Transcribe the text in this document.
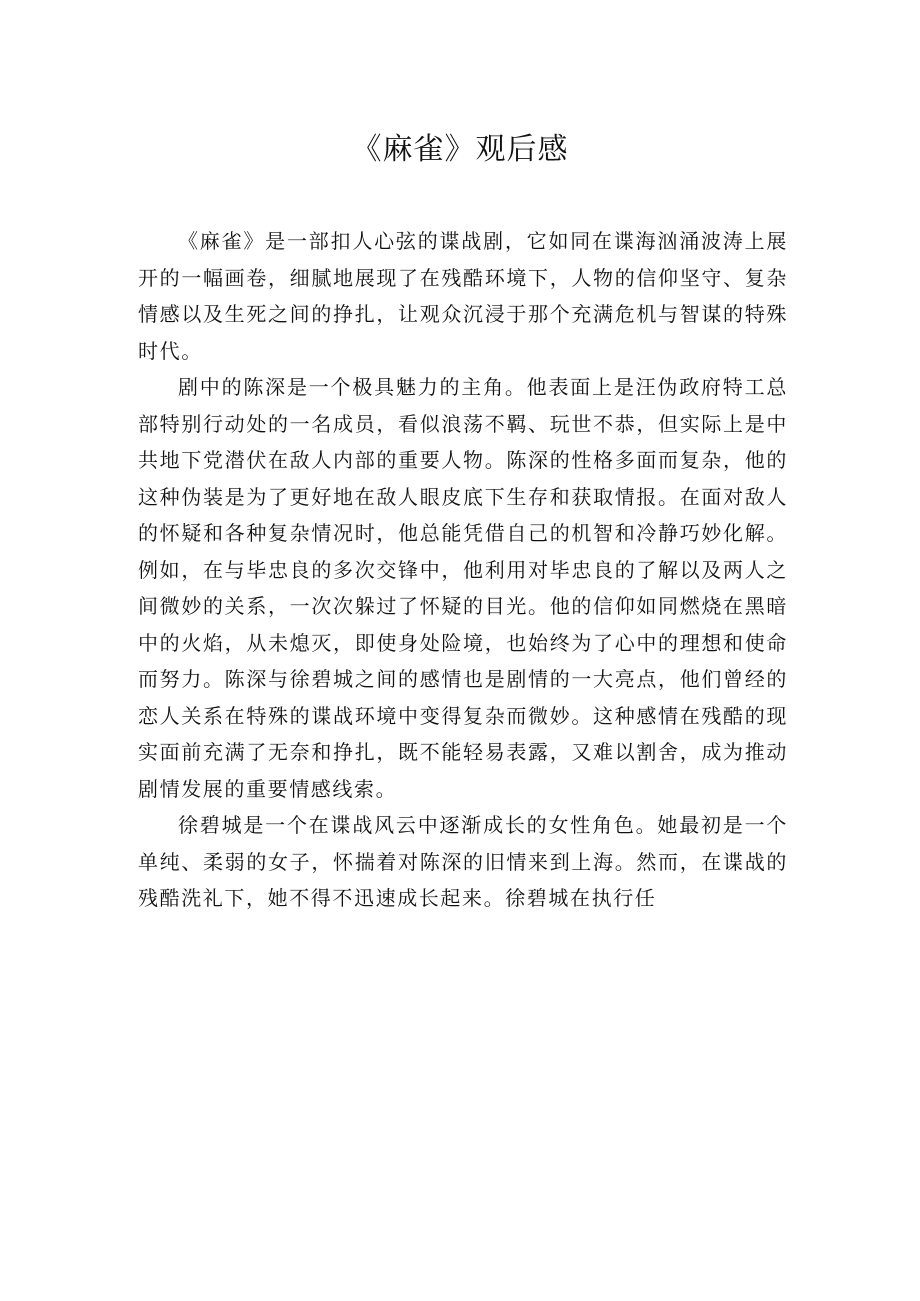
《麻雀》观后感

《麻雀》是一部扣人心弦的谍战剧，它如同在谍海汹涌波涛上展开的一幅画卷，细腻地展现了在残酷环境下，人物的信仰坚守、复杂情感以及生死之间的挣扎，让观众沉浸于那个充满危机与智谋的特殊时代。

剧中的陈深是一个极具魅力的主角。他表面上是汪伪政府特工总部特别行动处的一名成员，看似浪荡不羁、玩世不恭，但实际上是中共地下党潜伏在敌人内部的重要人物。陈深的性格多面而复杂，他的这种伪装是为了更好地在敌人眼皮底下生存和获取情报。在面对敌人的怀疑和各种复杂情况时，他总能凭借自己的机智和冷静巧妙化解。例如，在与毕忠良的多次交锋中，他利用对毕忠良的了解以及两人之间微妙的关系，一次次躲过了怀疑的目光。他的信仰如同燃烧在黑暗中的火焰，从未熄灭，即使身处险境，也始终为了心中的理想和使命而努力。陈深与徐碧城之间的感情也是剧情的一大亮点，他们曾经的恋人关系在特殊的谍战环境中变得复杂而微妙。这种感情在残酷的现实面前充满了无奈和挣扎，既不能轻易表露，又难以割舍，成为推动剧情发展的重要情感线索。

徐碧城是一个在谍战风云中逐渐成长的女性角色。她最初是一个单纯、柔弱的女子，怀揣着对陈深的旧情来到上海。然而，在谍战的残酷洗礼下，她不得不迅速成长起来。徐碧城在执行任
